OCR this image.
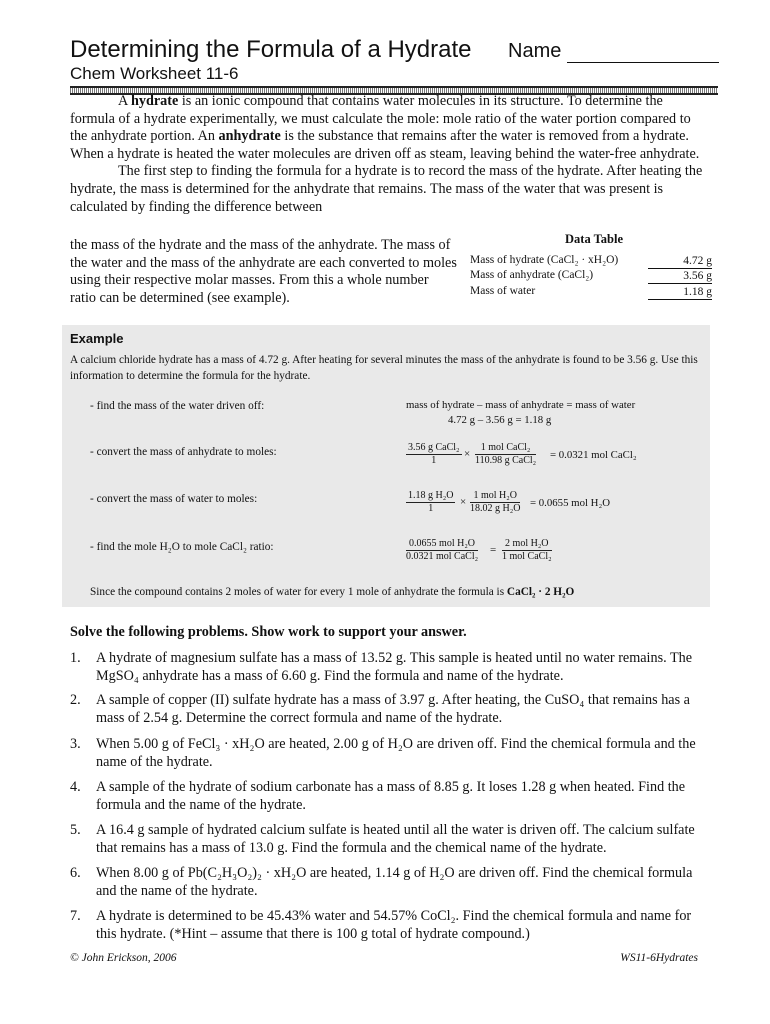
Determining the Formula of a Hydrate Name
Chem Worksheet 11-6
A hydrate is an ionic compound that contains water molecules in its structure. To determine the formula of a hydrate experimentally, we must calculate the mole: mole ratio of the water portion compared to the anhydrate portion. An anhydrate is the substance that remains after the water is removed from a hydrate. When a hydrate is heated the water molecules are driven off as steam, leaving behind the water-free anhydrate.
The first step to finding the formula for a hydrate is to record the mass of the hydrate. After heating the hydrate, the mass is determined for the anhydrate that remains. The mass of the water that was present is calculated by finding the difference between
the mass of the hydrate and the mass of the anhydrate. The mass of the water and the mass of the anhydrate are each converted to moles using their respective molar masses. From this a whole number ratio can be determined (see example).
Data Table
Mass of hydrate (CaCl₂ · xH₂O)	4.72 g
Mass of anhydrate (CaCl₂)	3.56 g
Mass of water	1.18 g
Example
A calcium chloride hydrate has a mass of 4.72 g. After heating for several minutes the mass of the anhydrate is found to be 3.56 g. Use this information to determine the formula for the hydrate.
- find the mass of the water driven off:	mass of hydrate – mass of anhydrate = mass of water
4.72 g – 3.56 g = 1.18 g
- convert the mass of anhydrate to moles:	3.56 g CaCl₂
1
×
1 mol CaCl₂
110.98 g CaCl₂ = 0.0321 mol CaCl₂
- convert the mass of water to moles:	$\frac{\text{1.18 g H₂O}}{1}$ ×
1 mol H₂O
18.02 g H₂O = 0.0655 mol H₂O
- find the mole H₂O to mole CaCl₂ ratio:	0.0655 mol H₂O
0.0321 mol CaCl₂
=
2 mol H₂O
1 mol CaCl₂
Since the compound contains 2 moles of water for every 1 mole of anhydrate the formula is CaCl₂ · 2 H₂O
Solve the following problems. Show work to support your answer.
1. A hydrate of magnesium sulfate has a mass of 13.52 g. This sample is heated until no water remains. The MgSO₄ anhydrate has a mass of 6.60 g. Find the formula and name of the hydrate.
2. A sample of copper (II) sulfate hydrate has a mass of 3.97 g. After heating, the CuSO₄ that remains has a mass of 2.54 g. Determine the correct formula and name of the hydrate.
3. When 5.00 g of FeCl₃ · xH₂O are heated, 2.00 g of H₂O are driven off. Find the chemical formula and the name of the hydrate.
4. A sample of the hydrate of sodium carbonate has a mass of 8.85 g. It loses 1.28 g when heated. Find the formula and the name of the hydrate.
5. A 16.4 g sample of hydrated calcium sulfate is heated until all the water is driven off. The calcium sulfate that remains has a mass of 13.0 g. Find the formula and the chemical name of the hydrate.
6. When 8.00 g of Pb(C₂H₃O₂)₂ · xH₂O are heated, 1.14 g of H₂O are driven off. Find the chemical formula and the name of the hydrate.
7. A hydrate is determined to be 45.43% water and 54.57% CoCl₂. Find the chemical formula and name for this hydrate. (*Hint – assume that there is 100 g total of hydrate compound.)
© John Erickson, 2006	WS11-6Hydrates
